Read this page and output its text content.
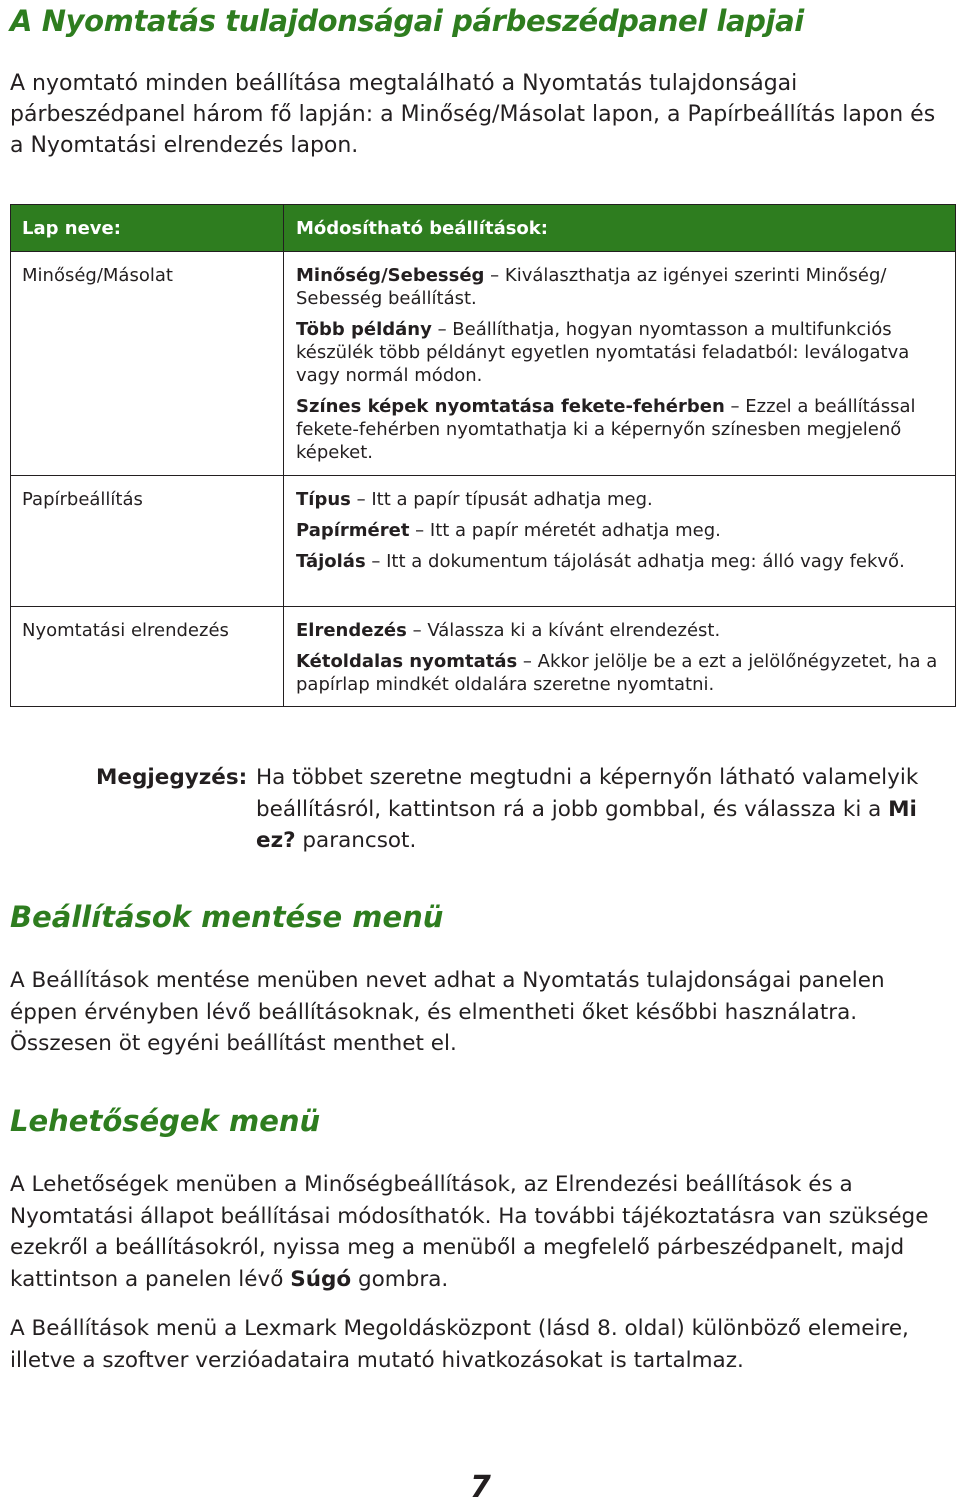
A Nyomtatás tulajdonságai párbeszédpanel lapjai

A nyomtató minden beállítása megtalálható a Nyomtatás tulajdonságai párbeszédpanel három fő lapján: a Minőség/Másolat lapon, a Papírbeállítás lapon és a Nyomtatási elrendezés lapon.

Lap neve:	Módosítható beállítások:
Minőség/Másolat	Minőség/Sebesség – Kiválaszthatja az igényei szerinti Minőség/ Sebesség beállítást.

Több példány – Beállíthatja, hogyan nyomtasson a multifunkciós készülék több példányt egyetlen nyomtatási feladatból: leválogatva vagy normál módon.

Színes képek nyomtatása fekete-fehérben – Ezzel a beállítással fekete-fehérben nyomtathatja ki a képernyőn színesben megjelenő képeket.

Papírbeállítás	Típus – Itt a papír típusát adhatja meg.

Papírméret – Itt a papír méretét adhatja meg.

Tájolás – Itt a dokumentum tájolását adhatja meg: álló vagy fekvő.

Nyomtatási elrendezés	Elrendezés – Válassza ki a kívánt elrendezést.

Kétoldalas nyomtatás – Akkor jelölje be a ezt a jelölőnégyzetet, ha a papírlap mindkét oldalára szeretne nyomtatni.

Megjegyzés: Ha többet szeretne megtudni a képernyőn látható valamelyik beállításról, kattintson rá a jobb gombbal, és válassza ki a Mi ez? parancsot.
Beállítások mentése menü

A Beállítások mentése menüben nevet adhat a Nyomtatás tulajdonságai panelen éppen érvényben lévő beállításoknak, és elmentheti őket későbbi használatra. Összesen öt egyéni beállítást menthet el.

Lehetőségek menü

A Lehetőségek menüben a Minőségbeállítások, az Elrendezési beállítások és a Nyomtatási állapot beállításai módosíthatók. Ha további tájékoztatásra van szüksége ezekről a beállításokról, nyissa meg a menüből a megfelelő párbeszédpanelt, majd kattintson a panelen lévő Súgó gombra.

A Beállítások menü a Lexmark Megoldásközpont (lásd 8. oldal) különböző elemeire, illetve a szoftver verzióadataira mutató hivatkozásokat is tartalmaz.

7
